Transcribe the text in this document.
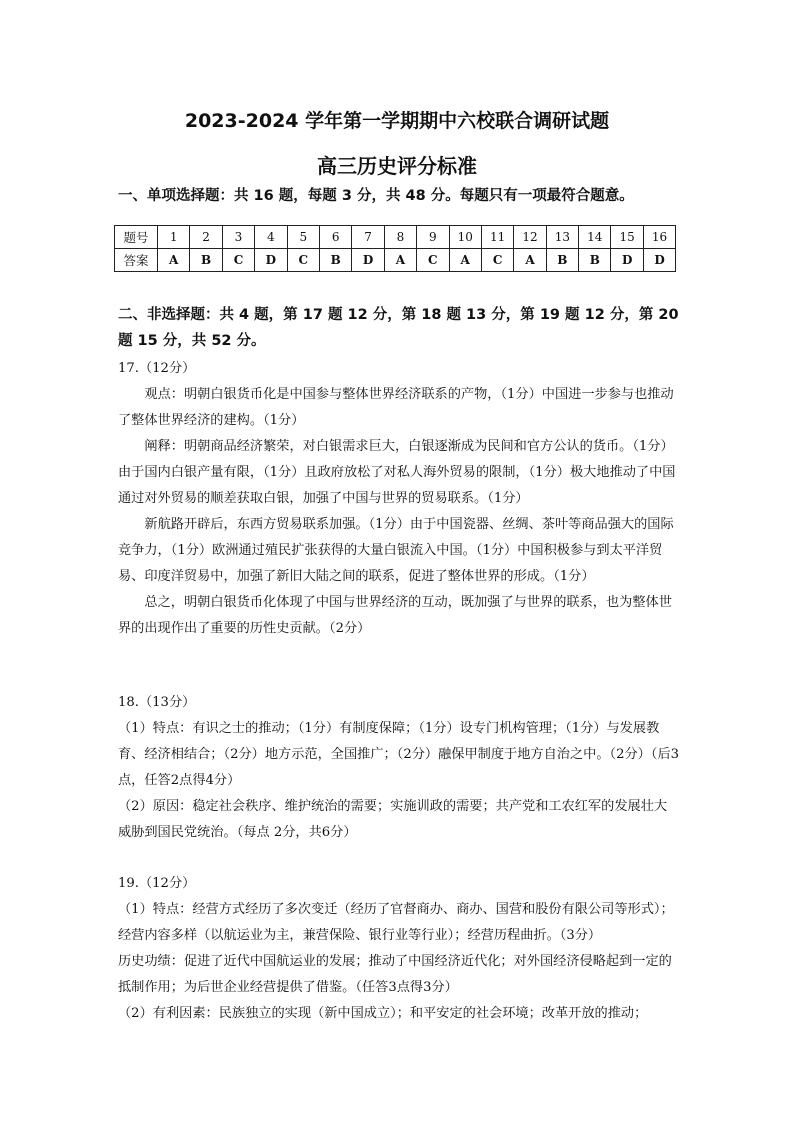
2023-2024 学年第一学期期中六校联合调研试题
高三历史评分标准
一、单项选择题：共 16 题，每题 3 分，共 48 分。每题只有一项最符合题意。
题号	1	2	3	4	5	6	7	8	9	10	11	12	13	14	15	16
答案	A	B	C	D	C	B	D	A	C	A	C	A	B	B	D	D
二、非选择题：共 4 题，第 17 题 12 分，第 18 题 13 分，第 19 题 12 分，第 20 题 15 分，共 52 分。

17.（12分）

观点：明朝白银货币化是中国参与整体世界经济联系的产物，（1分）中国进一步参与也推动了整体世界经济的建构。（1分）

阐释：明朝商品经济繁荣，对白银需求巨大，白银逐渐成为民间和官方公认的货币。（1分）由于国内白银产量有限，（1分）且政府放松了对私人海外贸易的限制，（1分）极大地推动了中国通过对外贸易的顺差获取白银，加强了中国与世界的贸易联系。（1分）

新航路开辟后，东西方贸易联系加强。（1分）由于中国瓷器、丝绸、茶叶等商品强大的国际竞争力，（1分）欧洲通过殖民扩张获得的大量白银流入中国。（1分）中国积极参与到太平洋贸易、印度洋贸易中，加强了新旧大陆之间的联系，促进了整体世界的形成。（1分）

总之，明朝白银货币化体现了中国与世界经济的互动，既加强了与世界的联系，也为整体世界的出现作出了重要的历性史贡献。（2分）

18.（13分）

（1）特点：有识之士的推动；（1分）有制度保障；（1分）设专门机构管理；（1分）与发展教育、经济相结合；（2分）地方示范，全国推广；（2分）融保甲制度于地方自治之中。（2分）（后3点，任答2点得4分）

（2）原因：稳定社会秩序、维护统治的需要；实施训政的需要；共产党和工农红军的发展壮大威胁到国民党统治。（每点 2分，共6分）

19.（12分）

（1）特点：经营方式经历了多次变迁（经历了官督商办、商办、国营和股份有限公司等形式）；经营内容多样（以航运业为主，兼营保险、银行业等行业）；经营历程曲折。（3分）

历史功绩：促进了近代中国航运业的发展；推动了中国经济近代化；对外国经济侵略起到一定的抵制作用；为后世企业经营提供了借鉴。（任答3点得3分）

（2）有利因素：民族独立的实现（新中国成立）；和平安定的社会环境；改革开放的推动；
